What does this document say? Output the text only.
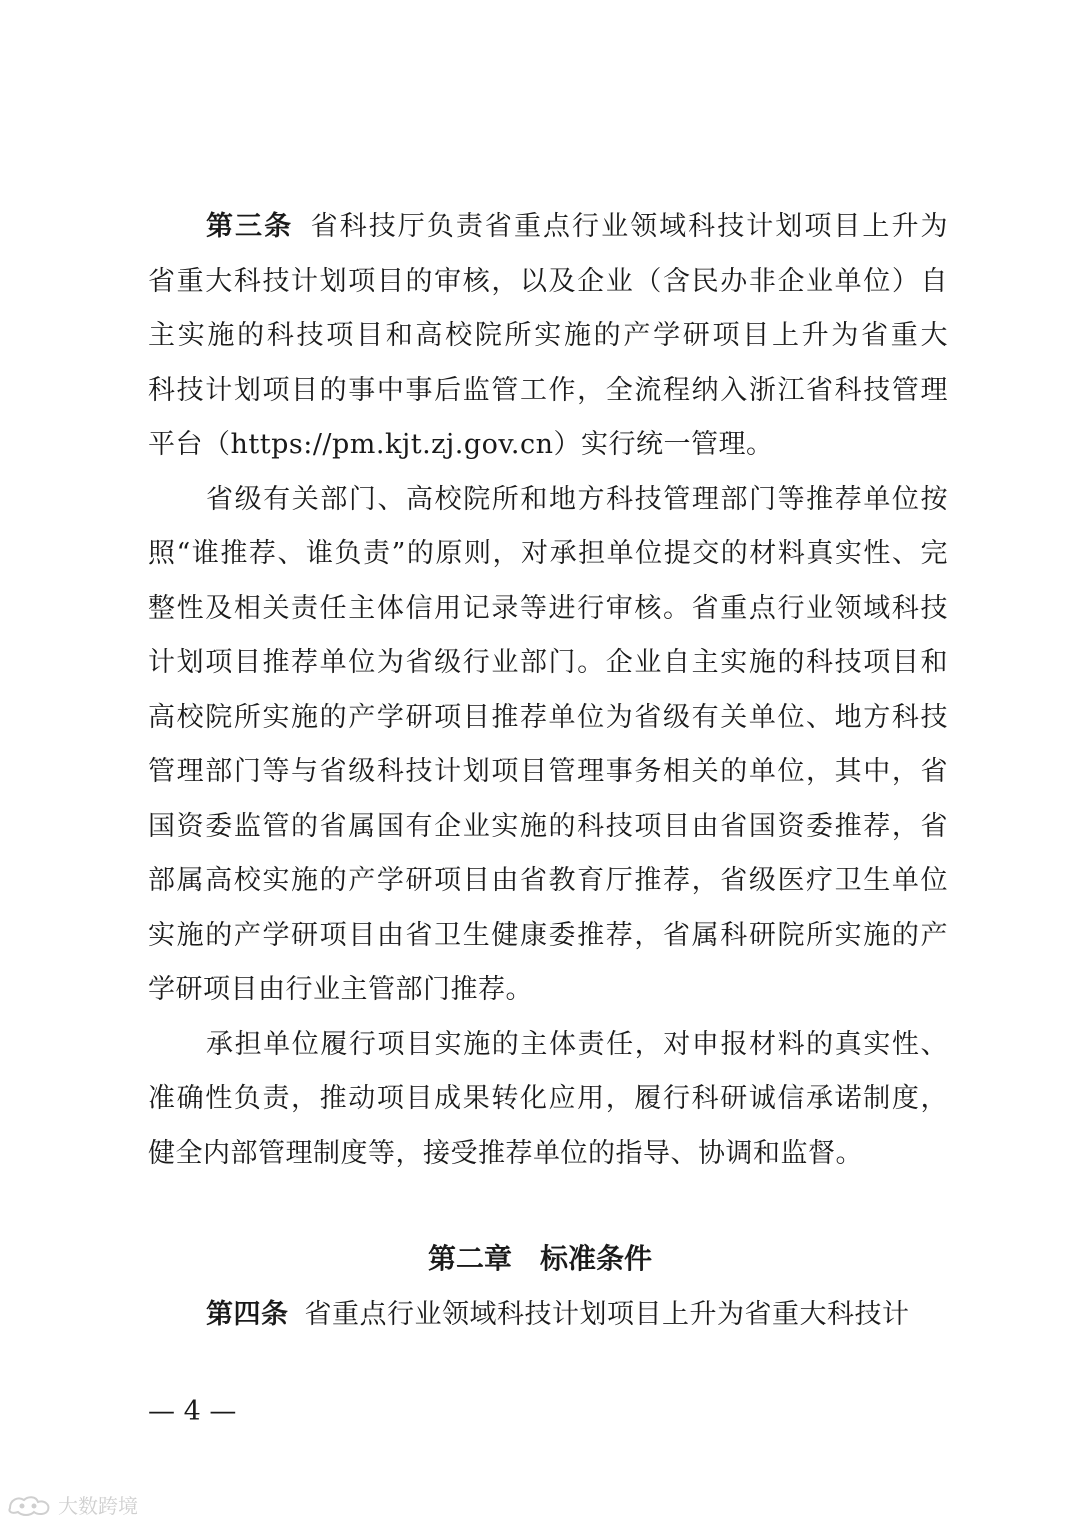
第三条 省科技厅负责省重点行业领域科技计划项目上升为
省重大科技计划项目的审核，以及企业（含民办非企业单位）自
主实施的科技项目和高校院所实施的产学研项目上升为省重大
科技计划项目的事中事后监管工作，全流程纳入浙江省科技管理
平台（https://pm.kjt.zj.gov.cn）实行统一管理。
省级有关部门、高校院所和地方科技管理部门等推荐单位按
照“谁推荐、谁负责”的原则，对承担单位提交的材料真实性、完
整性及相关责任主体信用记录等进行审核。省重点行业领域科技
计划项目推荐单位为省级行业部门。企业自主实施的科技项目和
高校院所实施的产学研项目推荐单位为省级有关单位、地方科技
管理部门等与省级科技计划项目管理事务相关的单位，其中，省
国资委监管的省属国有企业实施的科技项目由省国资委推荐，省
部属高校实施的产学研项目由省教育厅推荐，省级医疗卫生单位
实施的产学研项目由省卫生健康委推荐，省属科研院所实施的产
学研项目由行业主管部门推荐。
承担单位履行项目实施的主体责任，对申报材料的真实性、
准确性负责，推动项目成果转化应用，履行科研诚信承诺制度，
健全内部管理制度等，接受推荐单位的指导、协调和监督。
第二章 标准条件
第四条 省重点行业领域科技计划项目上升为省重大科技计
— 4 —
大数跨境
